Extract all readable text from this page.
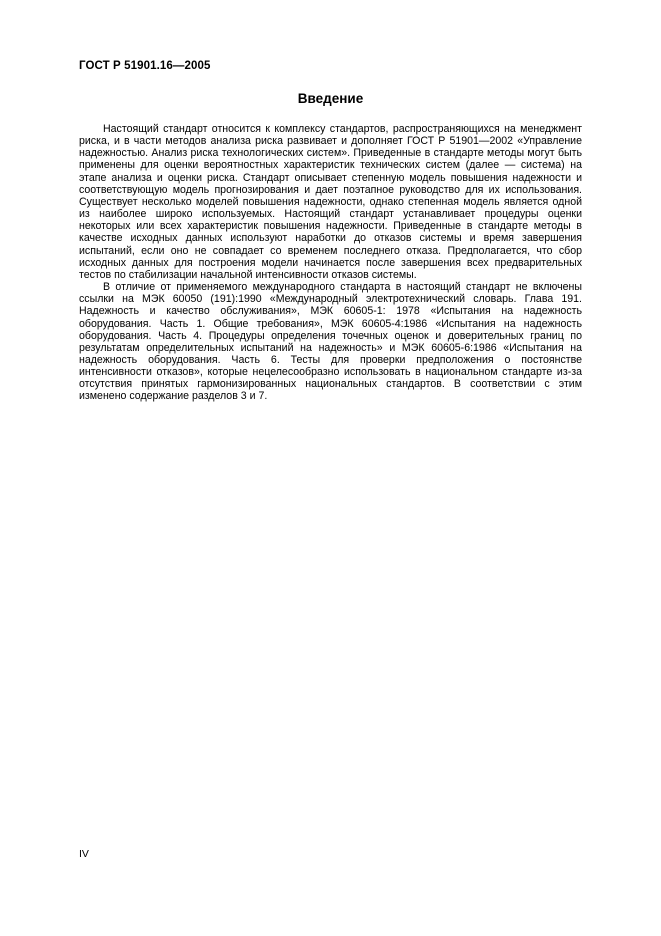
ГОСТ Р 51901.16—2005
Введение

Настоящий стандарт относится к комплексу стандартов, распространяющихся на менеджмент риска, и в части методов анализа риска развивает и дополняет ГОСТ Р 51901—2002 «Управление надежностью. Анализ риска технологических систем». Приведенные в стандарте методы могут быть применены для оценки вероятностных характеристик технических систем (далее — система) на этапе анализа и оценки риска. Стандарт описывает степенную модель повышения надежности и соответствующую модель прогнозирования и дает поэтапное руководство для их использования. Существует несколько моделей повышения надежности, однако степенная модель является одной из наиболее широко используемых. Настоящий стандарт устанавливает процедуры оценки некоторых или всех характеристик повышения надежности. Приведенные в стандарте методы в качестве исходных данных используют наработки до отказов системы и время завершения испытаний, если оно не совпадает со временем последнего отказа. Предполагается, что сбор исходных данных для построения модели начинается после завершения всех предварительных тестов по стабилизации начальной интенсивности отказов системы.

В отличие от применяемого международного стандарта в настоящий стандарт не включены ссылки на МЭК 60050 (191):1990 «Международный электротехнический словарь. Глава 191. Надежность и качество обслуживания», МЭК 60605-1: 1978 «Испытания на надежность оборудования. Часть 1. Общие требования», МЭК 60605-4:1986 «Испытания на надежность оборудования. Часть 4. Процедуры определения точечных оценок и доверительных границ по результатам определительных испытаний на надежность» и МЭК 60605-6:1986 «Испытания на надежность оборудования. Часть 6. Тесты для проверки предположения о постоянстве интенсивности отказов», которые нецелесообразно использовать в национальном стандарте из-за отсутствия принятых гармонизированных национальных стандартов. В соответствии с этим изменено содержание разделов 3 и 7.

IV
